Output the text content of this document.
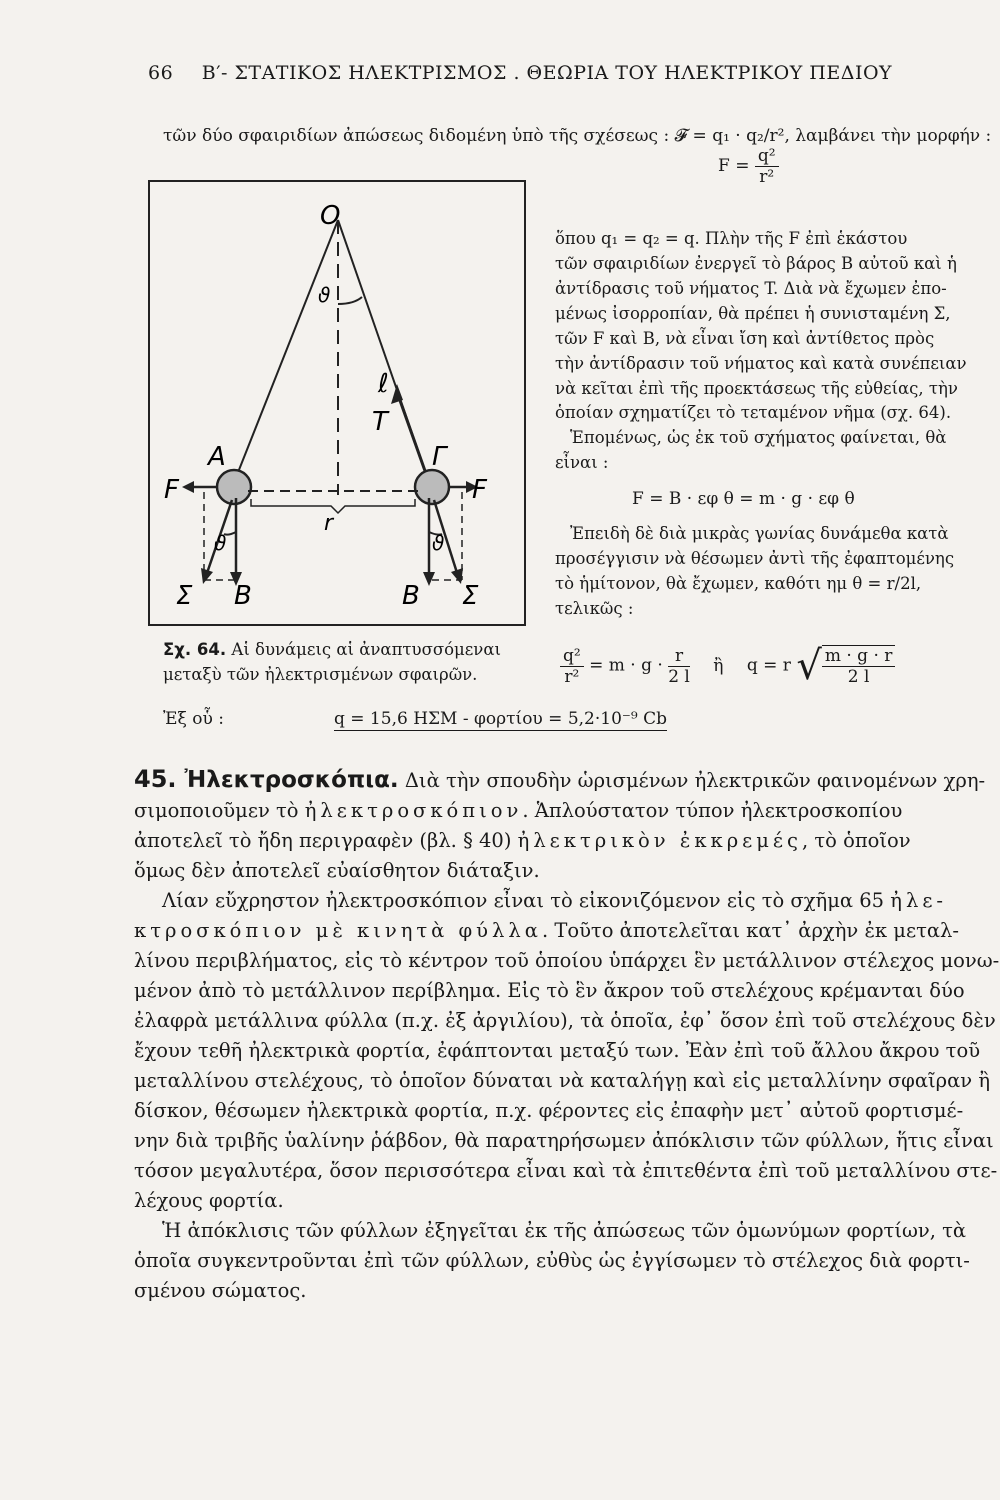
66 Β′- ΣΤΑΤΙΚΟΣ ΗΛΕΚΤΡΙΣΜΟΣ . ΘΕΩΡΙΑ ΤΟΥ ΗΛΕΚΤΡΙΚΟΥ ΠΕΔΙΟΥ
τῶν δύο σφαιριδίων ἀπώσεως διδομένη ὑπὸ τῆς σχέσεως : 𝓕 = q₁ · q₂/r², λαμβάνει τὴν μορφήν :
$F = \frac{\text{q²}}{\text{r²}}$
O
ϑ
ℓ
T
A	Γ
F	F
r
ϑ	ϑ
Σ B	B Σ
ὅπου q₁ = q₂ = q. Πλὴν τῆς F ἐπὶ ἑκάστου
τῶν σφαιριδίων ἐνεργεῖ τὸ βάρος B αὐτοῦ καὶ ἡ
ἀντίδρασις τοῦ νήματος T. Διὰ νὰ ἔχωμεν ἐπο-
μένως ἰσορροπίαν, θὰ πρέπει ἡ συνισταμένη Σ,
τῶν F καὶ B, νὰ εἶναι ἴση καὶ ἀντίθετος πρὸς
τὴν ἀντίδρασιν τοῦ νήματος καὶ κατὰ συνέπειαν
νὰ κεῖται ἐπὶ τῆς προεκτάσεως τῆς εὐθείας, τὴν
ὁποίαν σχηματίζει τὸ τεταμένον νῆμα (σχ. 64).
Ἑπομένως, ὡς ἐκ τοῦ σχήματος φαίνεται, θὰ
εἶναι :
F = B · εφ θ = m · g · εφ θ
Ἐπειδὴ δὲ διὰ μικρὰς γωνίας δυνάμεθα κατὰ
προσέγγισιν νὰ θέσωμεν ἀντὶ τῆς ἐφαπτομένης
τὸ ἡμίτονον, θὰ ἔχωμεν, καθότι ημ θ = r/2l,
τελικῶς :
$\frac{\text{q²}}{\text{r²}} = m \cdot g \cdot \frac{r}{2 l}$ ἢ q = r √ $\frac{m \cdot g \cdot r}{2 l}$
Σχ. 64. Αἱ δυνάμεις αἱ ἀναπτυσσόμεναι
μεταξὺ τῶν ἠλεκτρισμένων σφαιρῶν.
Ἐξ οὗ :	q = 15,6 ΗΣΜ - φορτίου = 5,2·10⁻⁹ Cb
45. Ἠλεκτροσκόπια. Διὰ τὴν σπουδὴν ὡρισμένων ἠλεκτρικῶν φαινομένων χρη-
σιμοποιοῦμεν τὸ ἠλεκτροσκόπιον. Ἁπλούστατον τύπον ἠλεκτροσκοπίου
ἀποτελεῖ τὸ ἤδη περιγραφὲν (βλ. § 40) ἠλεκτρικὸν ἐκκρεμές, τὸ ὁποῖον
ὅμως δὲν ἀποτελεῖ εὐαίσθητον διάταξιν.
Λίαν εὔχρηστον ἠλεκτροσκόπιον εἶναι τὸ εἰκονιζόμενον εἰς τὸ σχῆμα 65 ἠλε-
κτροσκόπιον μὲ κινητὰ φύλλα. Τοῦτο ἀποτελεῖται κατ᾽ ἀρχὴν ἐκ μεταλ-
λίνου περιβλήματος, εἰς τὸ κέντρον τοῦ ὁποίου ὑπάρχει ἓν μετάλλινον στέλεχος μονω-
μένον ἀπὸ τὸ μετάλλινον περίβλημα. Εἰς τὸ ἓν ἄκρον τοῦ στελέχους κρέμανται δύο
ἐλαφρὰ μετάλλινα φύλλα (π.χ. ἐξ ἀργιλίου), τὰ ὁποῖα, ἐφ᾽ ὅσον ἐπὶ τοῦ στελέχους δὲν
ἔχουν τεθῆ ἠλεκτρικὰ φορτία, ἐφάπτονται μεταξύ των. Ἐὰν ἐπὶ τοῦ ἄλλου ἄκρου τοῦ
μεταλλίνου στελέχους, τὸ ὁποῖον δύναται νὰ καταλήγῃ καὶ εἰς μεταλλίνην σφαῖραν ἢ
δίσκον, θέσωμεν ἠλεκτρικὰ φορτία, π.χ. φέροντες εἰς ἐπαφὴν μετ᾽ αὐτοῦ φορτισμέ-
νην διὰ τριβῆς ὑαλίνην ῥάβδον, θὰ παρατηρήσωμεν ἀπόκλισιν τῶν φύλλων, ἥτις εἶναι
τόσον μεγαλυτέρα, ὅσον περισσότερα εἶναι καὶ τὰ ἐπιτεθέντα ἐπὶ τοῦ μεταλλίνου στε-
λέχους φορτία.
Ἡ ἀπόκλισις τῶν φύλλων ἐξηγεῖται ἐκ τῆς ἀπώσεως τῶν ὁμωνύμων φορτίων, τὰ
ὁποῖα συγκεντροῦνται ἐπὶ τῶν φύλλων, εὐθὺς ὡς ἐγγίσωμεν τὸ στέλεχος διὰ φορτι-
σμένου σώματος.
